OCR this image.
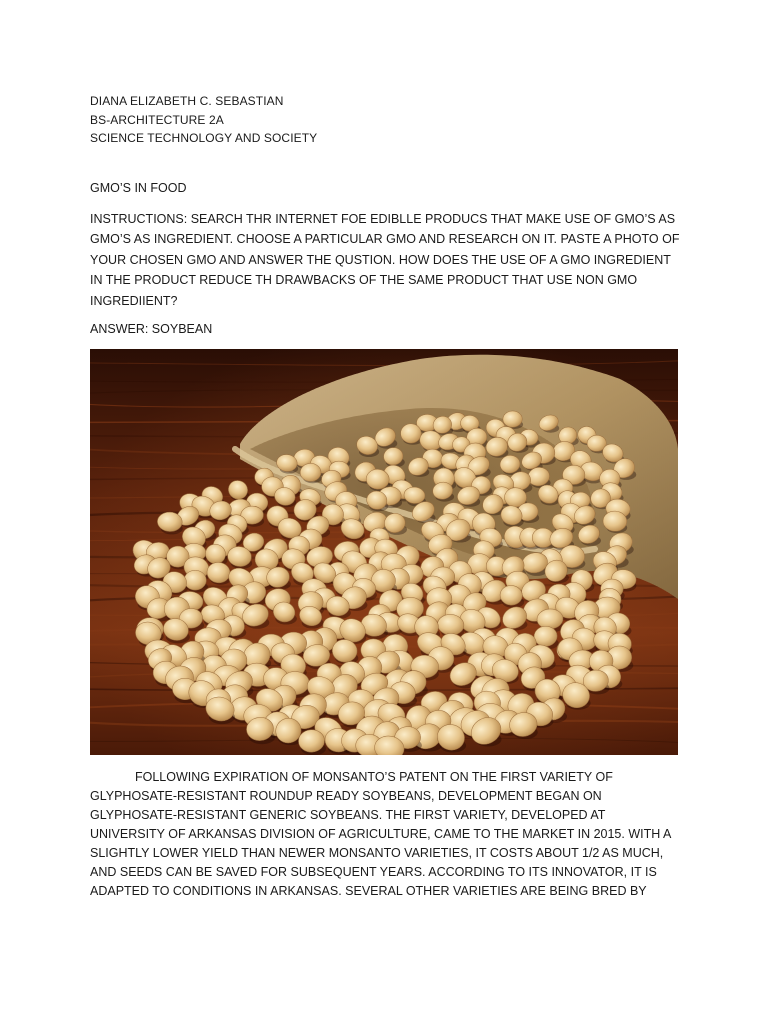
DIANA ELIZABETH C. SEBASTIAN
BS-ARCHITECTURE 2A
SCIENCE TECHNOLOGY AND SOCIETY
GMO’S IN FOOD
INSTRUCTIONS: SEARCH THR INTERNET FOE EDIBLLE PRODUCS THAT MAKE USE OF GMO’S AS GMO’S AS INGREDIENT. CHOOSE A PARTICULAR GMO AND RESEARCH ON IT. PASTE A PHOTO OF YOUR CHOSEN GMO AND ANSWER THE QUSTION. HOW DOES THE USE OF A GMO INGREDIENT IN THE PRODUCT REDUCE TH DRAWBACKS OF THE SAME PRODUCT THAT USE NON GMO INGREDIIENT?
ANSWER: SOYBEAN
FOLLOWING EXPIRATION OF MONSANTO’S PATENT ON THE FIRST VARIETY OF GLYPHOSATE-RESISTANT ROUNDUP READY SOYBEANS, DEVELOPMENT BEGAN ON GLYPHOSATE-RESISTANT GENERIC SOYBEANS. THE FIRST VARIETY, DEVELOPED AT UNIVERSITY OF ARKANSAS DIVISION OF AGRICULTURE, CAME TO THE MARKET IN 2015. WITH A SLIGHTLY LOWER YIELD THAN NEWER MONSANTO VARIETIES, IT COSTS ABOUT 1/2 AS MUCH, AND SEEDS CAN BE SAVED FOR SUBSEQUENT YEARS. ACCORDING TO ITS INNOVATOR, IT IS ADAPTED TO CONDITIONS IN ARKANSAS. SEVERAL OTHER VARIETIES ARE BEING BRED BY
